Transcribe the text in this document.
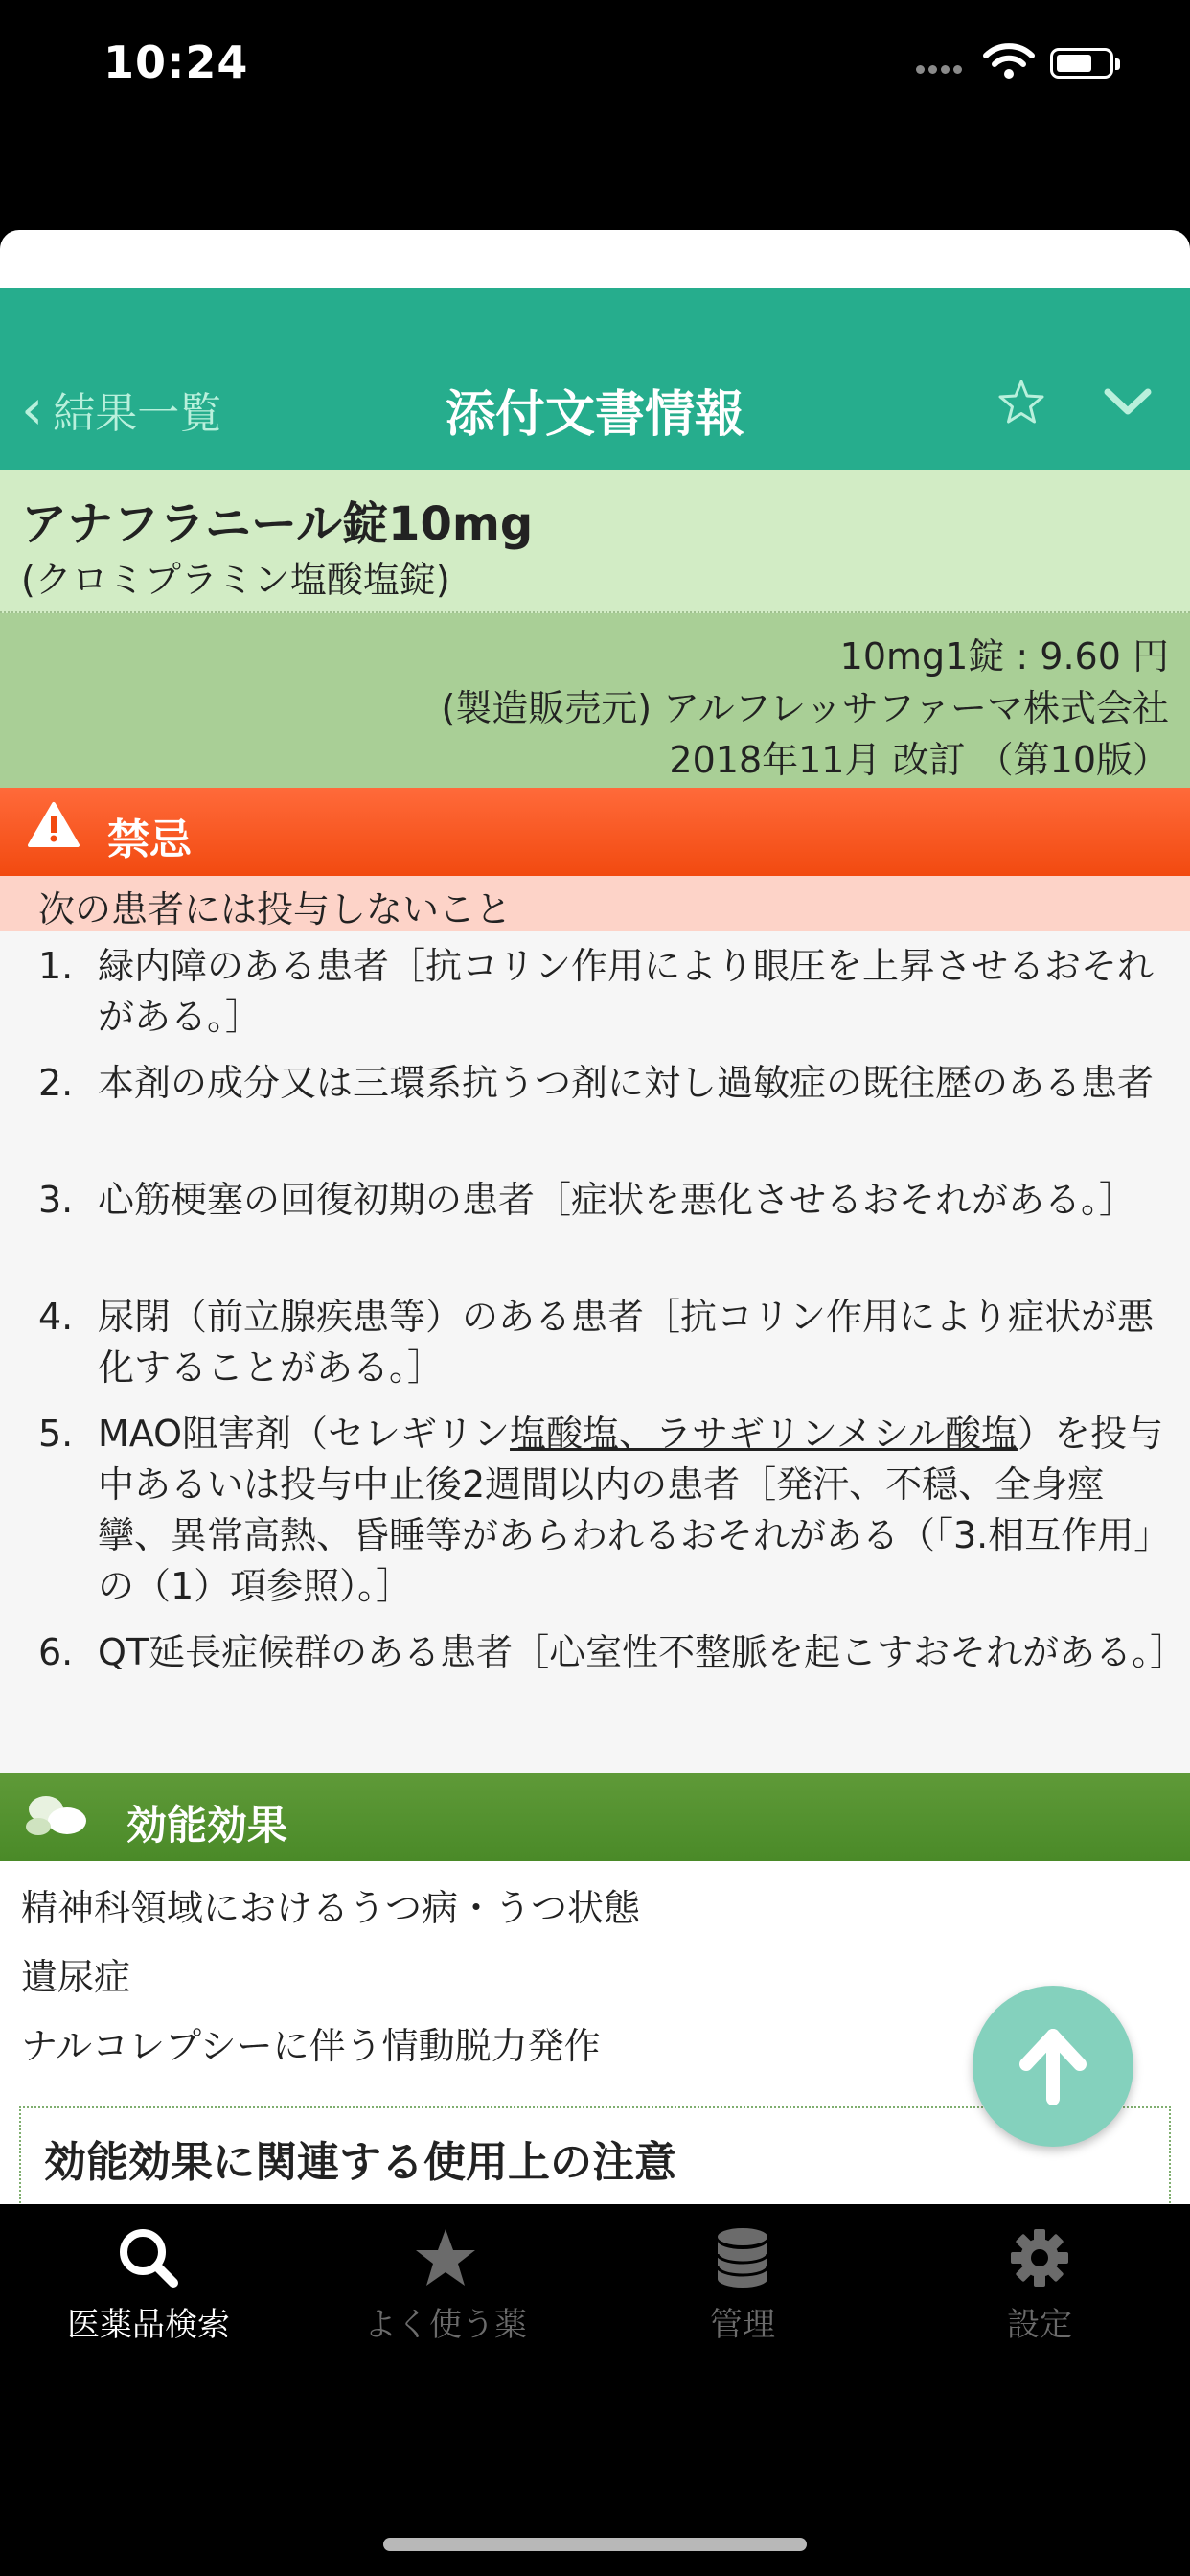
10:24
‹ 結果一覧	添付文書情報
アナフラニール錠10mg
(クロミプラミン塩酸塩錠)
10mg1錠 : 9.60 円
(製造販売元) アルフレッサファーマ株式会社
2018年11月 改訂 （第10版）
禁忌
次の患者には投与しないこと
1. 緑内障のある患者［抗コリン作用により眼圧を上昇させるおそれがある。］
2. 本剤の成分又は三環系抗うつ剤に対し過敏症の既往歴のある患者
3. 心筋梗塞の回復初期の患者［症状を悪化させるおそれがある。］
4. 尿閉（前立腺疾患等）のある患者［抗コリン作用により症状が悪化することがある。］
5. MAO阻害剤（セレギリン塩酸塩、ラサギリンメシル酸塩）を投与中あるいは投与中止後2週間以内の患者［発汗、不穏、全身痙攣、異常高熱、昏睡等があらわれるおそれがある（「3.相互作用」の（1）項参照）。］
6. QT延長症候群のある患者［心室性不整脈を起こすおそれがある。］
効能効果
精神科領域におけるうつ病・うつ状態
遺尿症
ナルコレプシーに伴う情動脱力発作
効能効果に関連する使用上の注意
医薬品検索	よく使う薬	管理	設定
